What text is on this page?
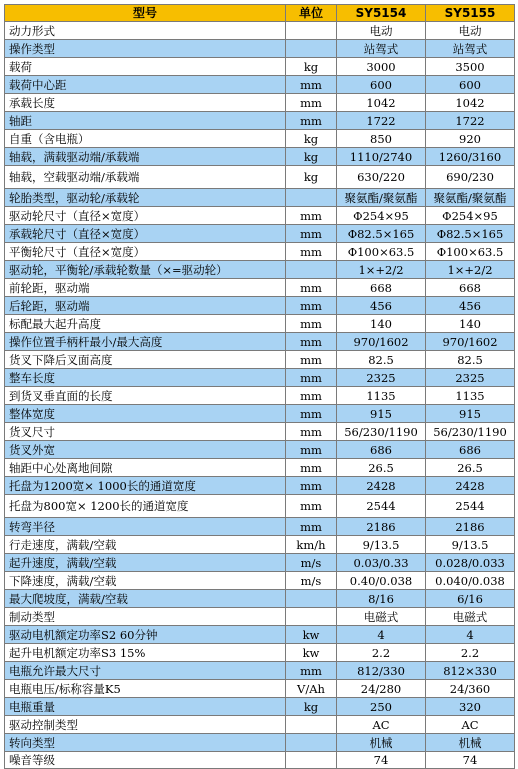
型号	单位	SY5154	SY5155
动力形式		电动	电动
操作类型		站驾式	站驾式
载荷	kg	3000	3500
载荷中心距	mm	600	600
承载长度	mm	1042	1042
轴距	mm	1722	1722
自重（含电瓶）	kg	850	920
轴载，满载驱动端/承载端	kg	1110/2740	1260/3160
轴载，空载驱动端/承载端	kg	630/220	690/230
轮胎类型，驱动轮/承载轮		聚氨酯/聚氨酯	聚氨酯/聚氨酯
驱动轮尺寸（直径×宽度）	mm	Φ254×95	Φ254×95
承载轮尺寸（直径×宽度）	mm	Φ82.5×165	Φ82.5×165
平衡轮尺寸（直径×宽度）	mm	Φ100×63.5	Φ100×63.5
驱动轮，平衡轮/承载轮数量（×=驱动轮）		1×+2/2	1×+2/2
前轮距，驱动端	mm	668	668
后轮距，驱动端	mm	456	456
标配最大起升高度	mm	140	140
操作位置手柄杆最小/最大高度	mm	970/1602	970/1602
货叉下降后叉面高度	mm	82.5	82.5
整车长度	mm	2325	2325
到货叉垂直面的长度	mm	1135	1135
整体宽度	mm	915	915
货叉尺寸	mm	56/230/1190	56/230/1190
货叉外宽	mm	686	686
轴距中心处离地间隙	mm	26.5	26.5
托盘为1200宽× 1000长的通道宽度	mm	2428	2428
托盘为800宽× 1200长的通道宽度	mm	2544	2544
转弯半径	mm	2186	2186
行走速度，满载/空载	km/h	9/13.5	9/13.5
起升速度，满载/空载	m/s	0.03/0.33	0.028/0.033
下降速度，满载/空载	m/s	0.40/0.038	0.040/0.038
最大爬坡度，满载/空载		8/16	6/16
制动类型		电磁式	电磁式
驱动电机额定功率S2 60分钟	kw	4	4
起升电机额定功率S3 15%	kw	2.2	2.2
电瓶允许最大尺寸	mm	812/330	812×330
电瓶电压/标称容量K5	V/Ah	24/280	24/360
电瓶重量	kg	250	320
驱动控制类型		AC	AC
转向类型		机械	机械
噪音等级		74	74
